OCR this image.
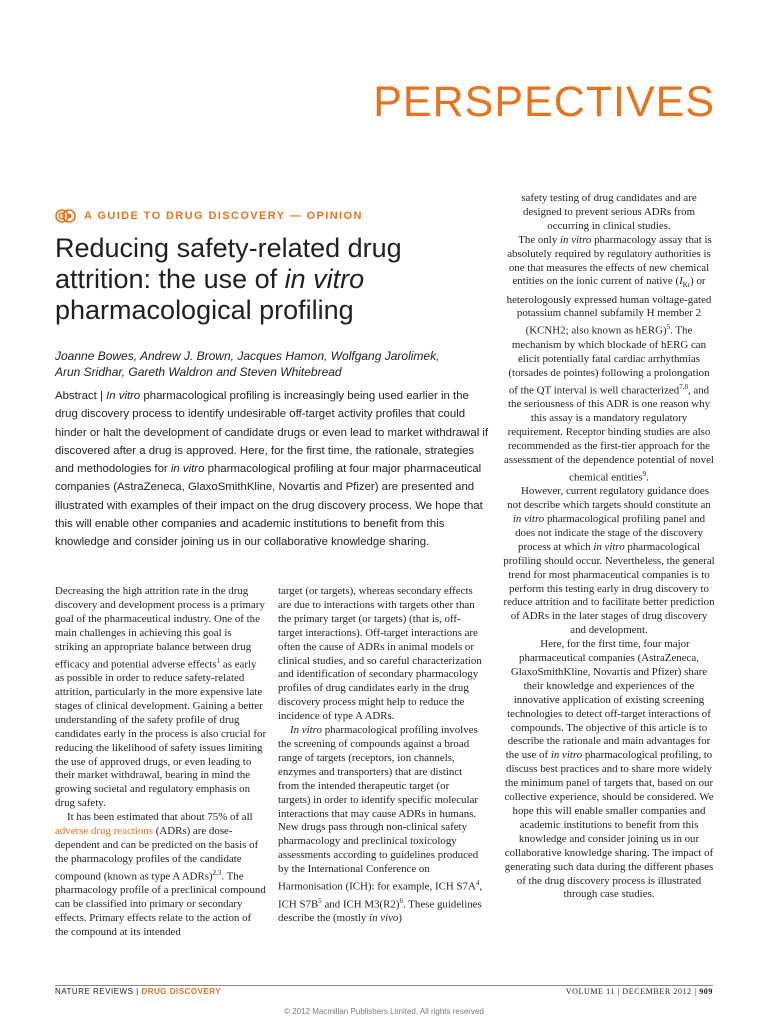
PERSPECTIVES
A GUIDE TO DRUG DISCOVERY — OPINION
Reducing safety-related drug attrition: the use of in vitro pharmacological profiling
Joanne Bowes, Andrew J. Brown, Jacques Hamon, Wolfgang Jarolimek,
Arun Sridhar, Gareth Waldron and Steven Whitebread
Abstract | In vitro pharmacological profiling is increasingly being used earlier in the drug discovery process to identify undesirable off-target activity profiles that could hinder or halt the development of candidate drugs or even lead to market withdrawal if discovered after a drug is approved. Here, for the first time, the rationale, strategies and methodologies for in vitro pharmacological profiling at four major pharmaceutical companies (AstraZeneca, GlaxoSmithKline, Novartis and Pfizer) are presented and illustrated with examples of their impact on the drug discovery process. We hope that this will enable other companies and academic institutions to benefit from this knowledge and consider joining us in our collaborative knowledge sharing.

Decreasing the high attrition rate in the drug discovery and development process is a primary goal of the pharmaceutical industry. One of the main challenges in achieving this goal is striking an appropriate balance between drug efficacy and potential adverse effects$^1$ as early as possible in order to reduce safety-related attrition, particularly in the more expensive late stages of clinical development. Gaining a better understanding of the safety profile of drug candidates early in the process is also crucial for reducing the likelihood of safety issues limiting the use of approved drugs, or even leading to their market withdrawal, bearing in mind the growing societal and regulatory emphasis on drug safety.

It has been estimated that about 75% of all adverse drug reactions (ADRs) are dose-dependent and can be predicted on the basis of the pharmacology profiles of the candidate compound (known as type A ADRs)$^{2,3}$. The pharmacology profile of a preclinical compound can be classified into primary or secondary effects. Primary effects relate to the action of the compound at its intended

target (or targets), whereas secondary effects are due to interactions with targets other than the primary target (or targets) (that is, off-target interactions). Off-target interactions are often the cause of ADRs in animal models or clinical studies, and so careful characterization and identification of secondary pharmacology profiles of drug candidates early in the drug discovery process might help to reduce the incidence of type A ADRs.

In vitro pharmacological profiling involves the screening of compounds against a broad range of targets (receptors, ion channels, enzymes and transporters) that are distinct from the intended therapeutic target (or targets) in order to identify specific molecular interactions that may cause ADRs in humans. New drugs pass through non-clinical safety pharmacology and preclinical toxicology assessments according to guidelines produced by the International Conference on Harmonisation (ICH): for example, ICH $S7A^4$, ICH $S7B^5$ and ICH $M3(R2)^6$. These guidelines describe the (mostly in vivo)

safety testing of drug candidates and are designed to prevent serious ADRs from occurring in clinical studies.

The only in vitro pharmacology assay that is absolutely required by regulatory authorities is one that measures the effects of new chemical entities on the ionic current of native $(I_{Kr})$ or heterologously expressed human voltage-gated potassium channel subfamily H member 2 (KCNH2; also known as hERG)$^5$. The mechanism by which blockade of hERG can elicit potentially fatal cardiac arrhythmias (torsades de pointes) following a prolongation of the QT interval is well characterized$^{7,8}$, and the seriousness of this ADR is one reason why this assay is a mandatory regulatory requirement. Receptor binding studies are also recommended as the first-tier approach for the assessment of the dependence potential of novel chemical entities$^9$.

However, current regulatory guidance does not describe which targets should constitute an in vitro pharmacological profiling panel and does not indicate the stage of the discovery process at which in vitro pharmacological profiling should occur. Nevertheless, the general trend for most pharmaceutical companies is to perform this testing early in drug discovery to reduce attrition and to facilitate better prediction of ADRs in the later stages of drug discovery and development.

Here, for the first time, four major pharmaceutical companies (AstraZeneca, GlaxoSmithKline, Novartis and Pfizer) share their knowledge and experiences of the innovative application of existing screening technologies to detect off-target interactions of compounds. The objective of this article is to describe the rationale and main advantages for the use of in vitro pharmacological profiling, to discuss best practices and to share more widely the minimum panel of targets that, based on our collective experience, should be considered. We hope this will enable smaller companies and academic institutions to benefit from this knowledge and consider joining us in our collaborative knowledge sharing. The impact of generating such data during the different phases of the drug discovery process is illustrated through case studies.

NATURE REVIEWS | DRUG DISCOVERY	VOLUME 11 | DECEMBER 2012 | 909
© 2012 Macmillan Publishers Limited. All rights reserved
